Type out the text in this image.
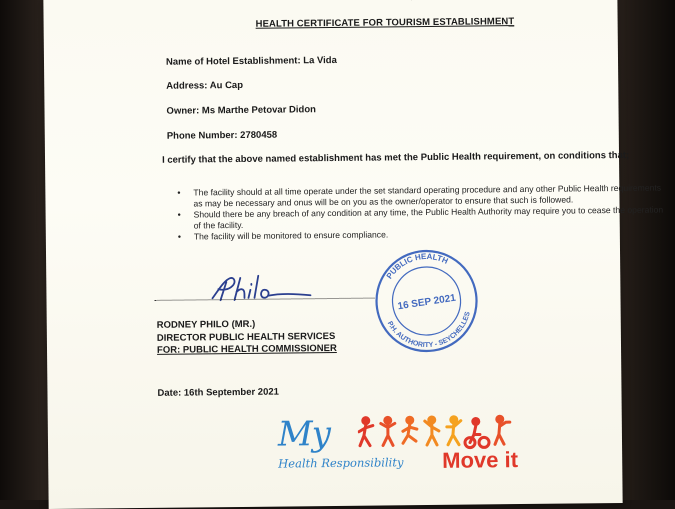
HEALTH CERTIFICATE FOR TOURISM ESTABLISHMENT
Name of Hotel Establishment: La Vida
Address: Au Cap
Owner: Ms Marthe Petovar Didon
Phone Number: 2780458
I certify that the above named establishment has met the Public Health requirement, on conditions that;
• The facility should at all time operate under the set standard operating procedure and any other Public Health requirements as may be necessary and onus will be on you as the owner/operator to ensure that such is followed.
• Should there be any breach of any condition at any time, the Public Health Authority may require you to cease the operation of the facility.
• The facility will be monitored to ensure compliance.
PUBLIC HEALTH
P.H. AUTHORITY - SEYCHELLES
16 SEP 2021
RODNEY PHILO (MR.)
DIRECTOR PUBLIC HEALTH SERVICES
FOR: PUBLIC HEALTH COMMISSIONER
Date: 16th September 2021
My
Health Responsibility Move it
